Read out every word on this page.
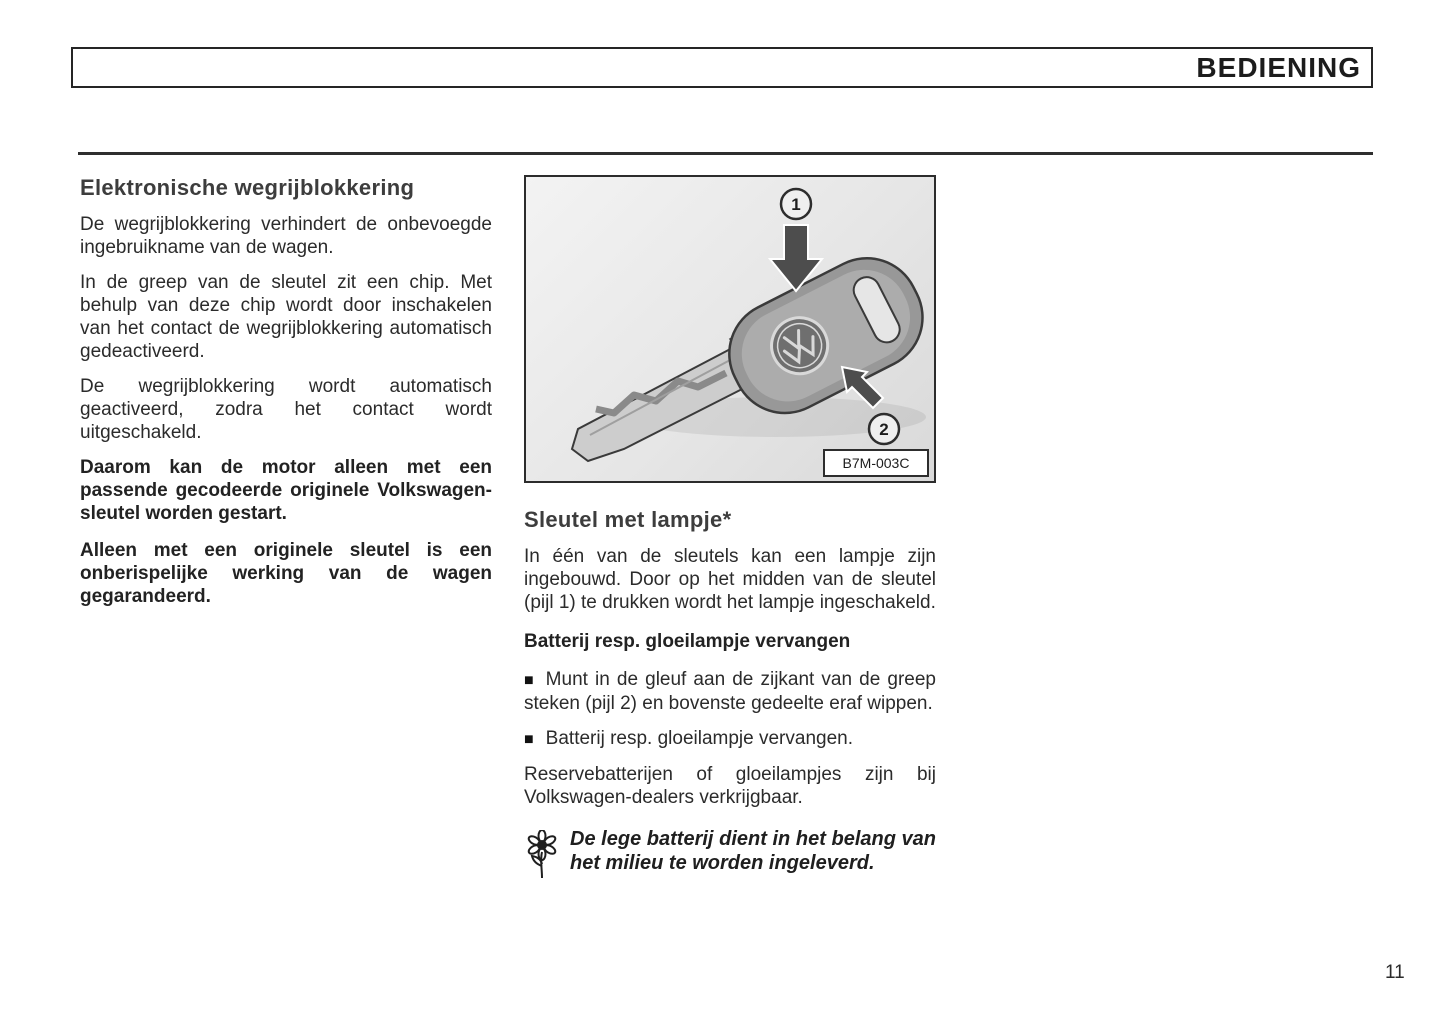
BEDIENING
Elektronische wegrijblokkering

De wegrijblokkering verhindert de onbevoegde ingebruikname van de wagen.

In de greep van de sleutel zit een chip. Met behulp van deze chip wordt door inschakelen van het contact de wegrijblokkering automatisch gedeactiveerd.

De wegrijblokkering wordt automatisch geactiveerd, zodra het contact wordt uitgeschakeld.

Daarom kan de motor alleen met een passende gecodeerde originele Volkswagen-sleutel worden gestart.

Alleen met een originele sleutel is een onberispelijke werking van de wagen gegarandeerd.

1
2
B7M-003C
Sleutel met lampje*

In één van de sleutels kan een lampje zijn ingebouwd. Door op het midden van de sleutel (pijl 1) te drukken wordt het lampje ingeschakeld.

Batterij resp. gloeilampje vervangen

■ Munt in de gleuf aan de zijkant van de greep steken (pijl 2) en bovenste gedeelte eraf wippen.

■ Batterij resp. gloeilampje vervangen.

Reservebatterijen of gloeilampjes zijn bij Volkswagen-dealers verkrijgbaar.

De lege batterij dient in het belang van het milieu te worden ingeleverd.
11
